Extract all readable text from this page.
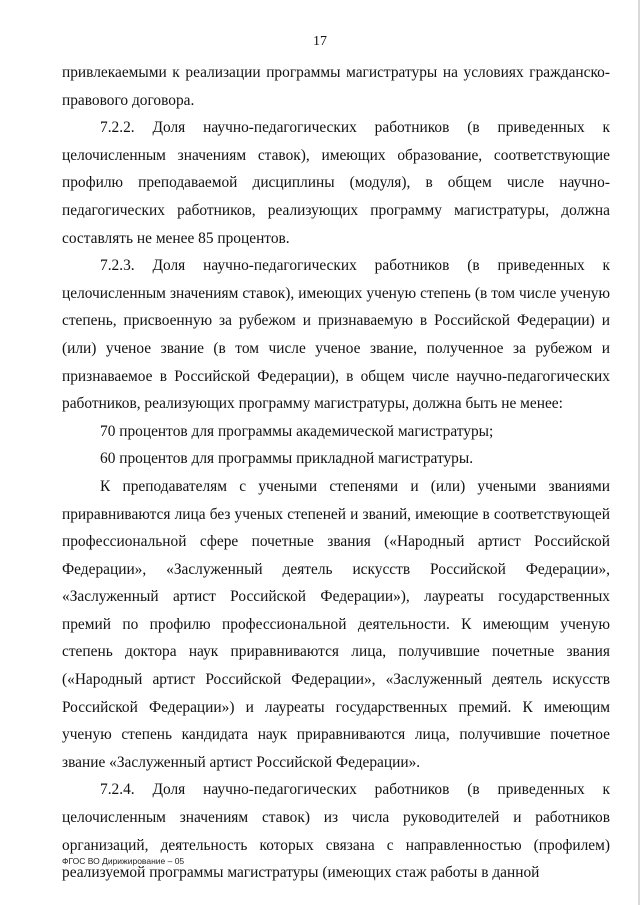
17

привлекаемыми к реализации программы магистратуры на условиях гражданско-правового договора.

7.2.2. Доля научно-педагогических работников (в приведенных к целочисленным значениям ставок), имеющих образование, соответствующие профилю преподаваемой дисциплины (модуля), в общем числе научно-педагогических работников, реализующих программу магистратуры, должна составлять не менее 85 процентов.

7.2.3. Доля научно-педагогических работников (в приведенных к целочисленным значениям ставок), имеющих ученую степень (в том числе ученую степень, присвоенную за рубежом и признаваемую в Российской Федерации) и (или) ученое звание (в том числе ученое звание, полученное за рубежом и признаваемое в Российской Федерации), в общем числе научно-педагогических работников, реализующих программу магистратуры, должна быть не менее:

70 процентов для программы академической магистратуры;

60 процентов для программы прикладной магистратуры.

К преподавателям с учеными степенями и (или) учеными званиями приравниваются лица без ученых степеней и званий, имеющие в соответствующей профессиональной сфере почетные звания («Народный артист Российской Федерации», «Заслуженный деятель искусств Российской Федерации», «Заслуженный артист Российской Федерации»), лауреаты государственных премий по профилю профессиональной деятельности. К имеющим ученую степень доктора наук приравниваются лица, получившие почетные звания («Народный артист Российской Федерации», «Заслуженный деятель искусств Российской Федерации») и лауреаты государственных премий. К имеющим ученую степень кандидата наук приравниваются лица, получившие почетное звание «Заслуженный артист Российской Федерации».

7.2.4. Доля научно-педагогических работников (в приведенных к целочисленным значениям ставок) из числа руководителей и работников организаций, деятельность которых связана с направленностью (профилем) реализуемой программы магистратуры (имеющих стаж работы в данной

ФГОС ВО Дирижирование – 05
